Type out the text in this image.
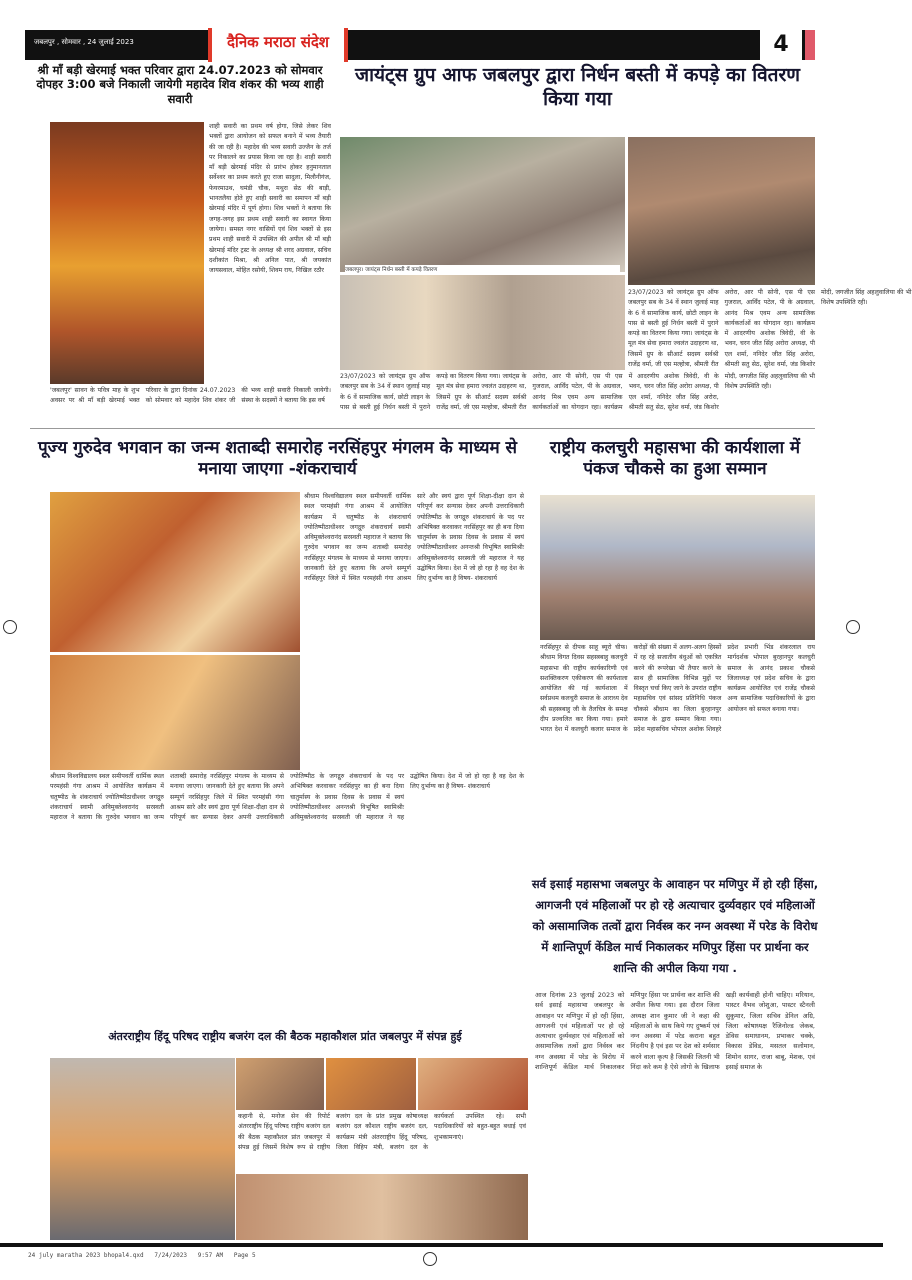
जबलपुर , सोमवार , 24 जुलाई 2023	दैनिक मराठा संदेश	4
श्री माँ बड़ी खेरमाई भक्त परिवार द्वारा 24.07.2023 को सोमवार दोपहर 3:00 बजे निकाली जायेगी महादेव शिव शंकर की भव्य शाही सवारी
शाही सवारी का प्रथम वर्ष होगा, जिसे लेकर शिव भक्तों द्वारा आयोजन को सफल बनाने में भव्य तैयारी की जा रही है। महादेव की भव्य सवारी उज्जैन के तर्ज पर निकालने का प्रयास किया जा रहा है। शाही सवारी माँ बड़ी खेरमाई मंदिर से प्रारंभ होकर हनुमानताल सर्वेश्वर का प्रथम करते हुए राजा सादुला, मिलौनीगंज, फेयरमाउथ, घमंडी चौक, मथुरा सेठ की बाड़ी, भानतलैया होते हुए शाही सवारी का समापन माँ बड़ी खेरमाई मंदिर में पूर्ण होगा। शिव भक्तों ने बताया कि जगह-जगह इस प्रथम शाही सवारी का स्वागत किया जायेगा। समस्त नगर वासियों एवं शिव भक्तों से इस प्रथम शाही सवारी में उपस्थित की अपील श्री माँ बड़ी खेरमाई मंदिर ट्रस्ट के अध्यक्ष श्री शरद अग्रवाल, सचिव दशीकांत मिश्रा, श्री अनिल पात, श्री जयकांत जायसवाल, मोहित रसोयी, शिवम राय, निखिल रठौर
'जबलपुर' सावन के पवित्र माह के शुभ अवसर पर श्री माँ बड़ी खेरमाई भक्त परिवार के द्वारा दिनांक 24.07.2023 को सोमवार को महादेव शिव शंकर जी की भव्य शाही सवारी निकाली जायेगी। संस्था के सदस्यों ने बताया कि इस वर्ष
जायंट्स ग्रुप आफ जबलपुर द्वारा निर्धन बस्ती में कपड़े का वितरण किया गया
जबलपुर। जायंट्स निर्धन बस्ती में कपड़े वितरण
23/07/2023 को जायंट्स ग्रुप ऑफ जबलपुर सब के 34 वें स्थान जुलाई माह के 6 वें सामाजिक कार्य, छोटी लाइन के पास से बस्ती हुई निर्धन बस्ती में पुराने कपड़े का वितरण किया गया। जायंट्स के मूल मंत्र सेवा हमारा ज्वलंत उदाहरण था, जिसमें ग्रुप के सीआर्ट सदस्य सर्वश्री राजेंद्र वर्मा, जी एस मल्होत्रा, श्रीमती रीत अरोरा, आर पी सोनी, एस पी एस गुजराल, आर्विंद पटेल, पी के अग्रवाल, आनंद मिश्र एवम अन्य सामाजिक कार्यकर्ताओं का योगदान रहा। कार्यक्रम में आदरणीय अशोक त्रिवेदी, वी के भवन, चरन जीत सिंह अरोरा अध्यक्ष, पी एल शर्मा, ननिदेर जीत सिंह अरोरा, श्रीमती सतु सेठ, सुरेश वर्मा, जंड किशोर मोदी, जगजीत सिंह अहलुवालिया की भी विशेष उपस्थिति रही।
23/07/2023 को जायंट्स ग्रुप ऑफ जबलपुर सब के 34 वें स्थान जुलाई माह के 6 वें सामाजिक कार्य, छोटी लाइन के पास से बस्ती हुई निर्धन बस्ती में पुराने कपड़े का वितरण किया गया। जायंट्स के मूल मंत्र सेवा हमारा ज्वलंत उदाहरण था, जिसमें ग्रुप के सीआर्ट सदस्य सर्वश्री राजेंद्र वर्मा, जी एस मल्होत्रा, श्रीमती रीत अरोरा, आर पी सोनी, एस पी एस गुजराल, आर्विंद पटेल, पी के अग्रवाल, आनंद मिश्र एवम अन्य सामाजिक कार्यकर्ताओं का योगदान रहा। कार्यक्रम में आदरणीय अशोक त्रिवेदी, वी के भवन, चरन जीत सिंह अरोरा अध्यक्ष, पी एल शर्मा, ननिदेर जीत सिंह अरोरा, श्रीमती सतु सेठ, सुरेश वर्मा, जंड किशोर मोदी, जगजीत सिंह अहलुवालिया की भी विशेष उपस्थिति रही।
पूज्य गुरुदेव भगवान का जन्म शताब्दी समारोह नरसिंहपुर मंगलम के माध्यम से मनाया जाएगा -शंकराचार्य
श्रीधाम विश्वविद्यालय स्थल समीपवर्ती धार्मिक स्थल परमहंसी गंगा आश्रम में आयोजित कार्यक्रम में चतुष्पीठ के शंकराचार्य ज्योतिष्पीठाधीश्वर जगद्गुरु शंकराचार्य स्वामी अविमुक्तेश्वरानंद सरस्वती महाराज ने बताया कि गुरुदेव भगवान का जन्म शताब्दी समारोह नरसिंहपुर मंगलम के माध्यम से मनाया जाएगा। जानकारी देते हुए बताया कि अपने सम्पूर्ण नरसिंहपुर जिले में स्थित परमहंसी गंगा आश्रम सारे और स्वयं द्वारा पूर्ण शिक्षा-दीक्षा दान से परिपूर्ण कर सन्यास देकर अपनी उत्तराधिकारी ज्योतिष्पीठ के जगद्गुरु शंकराचार्य के पद पर अभिषिक्त करवाकर नरसिंहपुर का ही बना दिया चातुर्मास्य के प्रवास दिवस के प्रवास में स्वयं ज्योतिष्पीठाधीश्वर अनन्तश्री विभूषित स्वामिश्रीः अविमुक्तेश्वरानंद सरस्वती जी महाराज ने यह उद्घोषित किया। देश में जो हो रहा है वह देश के लिए दुर्भाग्य का है विषय- शंकराचार्य
श्रीधाम विश्वविद्यालय स्थल समीपवर्ती धार्मिक स्थल परमहंसी गंगा आश्रम में आयोजित कार्यक्रम में चतुष्पीठ के शंकराचार्य ज्योतिष्पीठाधीश्वर जगद्गुरु शंकराचार्य स्वामी अविमुक्तेश्वरानंद सरस्वती महाराज ने बताया कि गुरुदेव भगवान का जन्म शताब्दी समारोह नरसिंहपुर मंगलम के माध्यम से मनाया जाएगा। जानकारी देते हुए बताया कि अपने सम्पूर्ण नरसिंहपुर जिले में स्थित परमहंसी गंगा आश्रम सारे और स्वयं द्वारा पूर्ण शिक्षा-दीक्षा दान से परिपूर्ण कर सन्यास देकर अपनी उत्तराधिकारी ज्योतिष्पीठ के जगद्गुरु शंकराचार्य के पद पर अभिषिक्त करवाकर नरसिंहपुर का ही बना दिया चातुर्मास्य के प्रवास दिवस के प्रवास में स्वयं ज्योतिष्पीठाधीश्वर अनन्तश्री विभूषित स्वामिश्रीः अविमुक्तेश्वरानंद सरस्वती जी महाराज ने यह उद्घोषित किया। देश में जो हो रहा है वह देश के लिए दुर्भाग्य का है विषय- शंकराचार्य
राष्ट्रीय कलचुरी महासभा की कार्यशाला में पंकज चौकसे का हुआ सम्मान
नरसिंहपुर से दीपक साहू ब्यूरो चीफ। श्रीधाम विगत दिवस सहस्त्रबाहु कलचुरी महासभा की राष्ट्रीय कार्यकारिणी एवं सशक्तिकरण एकीकरण की कार्यशाला आयोजित की गई कार्यशाला में सर्वप्रथम कलचुरी समाज के आराध्य देव श्री सहस्त्रबाहु जी के तैलचित्र के समक्ष दीप प्रज्वलित कर किया गया। हमारे भारत देश में कलचुरी कलार समाज के करोड़ों की संख्या में अलग-अलग हिस्सों में रह रहे सजातीय बंधुओं को एकत्रित करने की रूपरेखा भी तैयार करने के साथ ही सामाजिक विभिन्न मुद्दों पर विस्तृत चर्चा किए जाने के उपरांत राष्ट्रीय महासचिव एवं सांसद प्रतिनिधि पंकज चौकसे श्रीधाम का जिला बुरहानपुर समाज के द्वारा सम्मान किया गया। प्रदेश महासचिव भोपाल अशोक शिवहरे प्रदेश प्रभारी भिंड शंकरलाल राय मार्गदर्शक भोपाल बुरहानपुर कलचुरी समाज के आनंद प्रकाश चौकसे जिलाध्यक्ष एवं प्रदेश सचिव के द्वारा कार्यक्रम आयोजित एवं राजेंद्र चौकसे अन्य सामाजिक पदाधिकारियों के द्वारा आयोजन को सफल बनाया गया।
सर्व इसाई महासभा जबलपुर के आवाहन पर मणिपुर में हो रही हिंसा, आगजनी एवं महिलाओं पर हो रहे अत्याचार दुर्व्यवहार एवं महिलाओं को असामाजिक तत्वों द्वारा निर्वस्त्र कर नग्न अवस्था में परेड के विरोध में शान्तिपूर्ण केंडिल मार्च निकालकर मणिपुर हिंसा पर प्रार्थना कर शान्ति की अपील किया गया .
आज दिनांक 23 जुलाई 2023 को सर्व इसाई महासभा जबलपुर के आवाहन पर मणिपुर में हो रही हिंसा, आगजनी एवं महिलाओं पर हो रहे अत्याचार दुर्व्यवहार एवं महिलाओं को असामाजिक तत्वों द्वारा निर्वस्त्र कर नग्न अवस्था में परेड के विरोध में शान्तिपूर्ण केंडिल मार्च निकालकर मणिपुर हिंसा पर प्रार्थना कर शान्ति की अपील किया गया। इस दौरान जिला अध्यक्ष शान कुमार जी ने कहा की महिलाओं के साथ किये गए दुष्कर्म एवं नग्न अवस्था में परेड कराना बहुत निंदनीय है एवं इस पर देश को शर्मसार करने वाला कृत्य है जिसकी जितनी भी निंदा करे कम है ऐसे लोगो के खिलाफ खड़ी कार्यवाही होनी चाहिए। मरियान, पास्टर वैभव जोशुआ, पास्टर स्टैनली सुकुमार, जिला सचिव डेनिल अग्रि, जिला कोषाध्यक्ष रैजिनोल्ड जेकब, डेविस समाधानम, प्रभाकर चक्के, विकास डेविड, मसतल सलोमान, शिमोन सागर, राजा बाबू, मेशक, एवं इसाई समाज के
अंतरराष्ट्रीय हिंदू परिषद राष्ट्रीय बजरंग दल की बैठक महाकौशल प्रांत जबलपुर में संपन्न हुई
कहानी से, मनोज सेन की रिपोर्ट अंतरराष्ट्रीय हिंदू परिषद राष्ट्रीय बजरंग दल की बैठक महाकौशल प्रांत जबलपुर में संपन्न हुई जिसमें विशेष रूप से राष्ट्रीय बजरंग दल के प्रांत प्रमुख कोषाध्यक्ष बजरंग दल कौशल राष्ट्रीय बजरंग दल, कार्यक्रम मंत्री अंतरराष्ट्रीय हिंदू परिषद, जिला विहिप मंत्री, बजरंग दल के कार्यकर्ता उपस्थित रहे। सभी पदाधिकारियों को बहुत-बहुत बधाई एवं शुभकामनाएं।
24 july maratha 2023 bhopal4.qxd   7/24/2023   9:57 AM   Page 5
